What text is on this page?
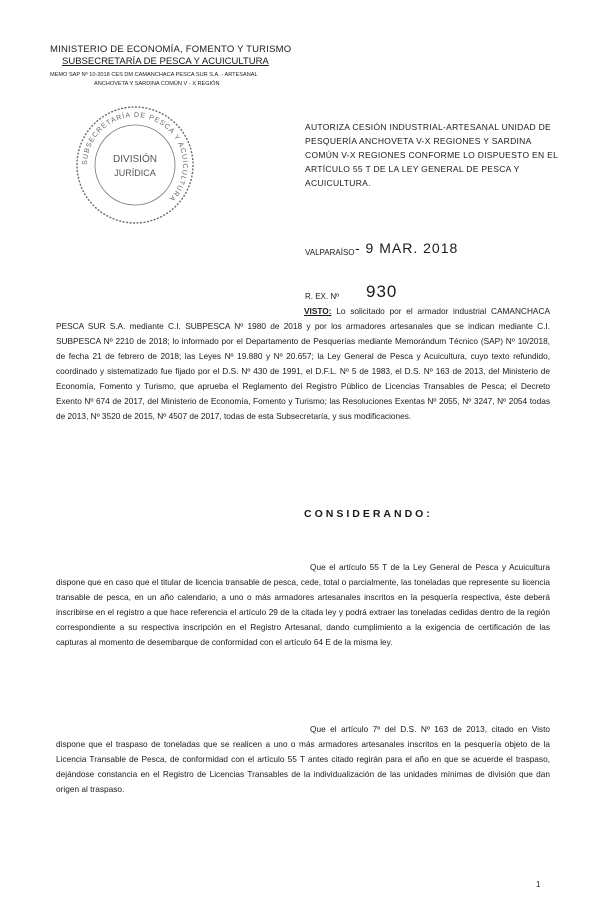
MINISTERIO DE ECONOMÍA, FOMENTO Y TURISMO
SUBSECRETARÍA DE PESCA Y ACUICULTURA
MEMO SAP Nº 10-2018 CES DM CAMANCHACA PESCA SUR S.A. - ARTESANAL
ANCHOVETA Y SARDINA COMÚN V - X REGIÓN
SUBSECRETARÍA DE PESCA Y ACUICULTURA
DIVISIÓN
JURÍDICA
AUTORIZA CESIÓN INDUSTRIAL-ARTESANAL UNIDAD DE PESQUERÍA ANCHOVETA V-X REGIONES Y SARDINA COMÚN V-X REGIONES CONFORME LO DISPUESTO EN EL ARTÍCULO 55 T DE LA LEY GENERAL DE PESCA Y ACUICULTURA.
VALPARAÍSO - 9 MAR. 2018
R. EX. Nº 930
VISTO: Lo solicitado por el armador industrial CAMANCHACA PESCA SUR S.A. mediante C.I. SUBPESCA Nº 1980 de 2018 y por los armadores artesanales que se indican mediante C.I. SUBPESCA Nº 2210 de 2018; lo informado por el Departamento de Pesquerías mediante Memorándum Técnico (SAP) Nº 10/2018, de fecha 21 de febrero de 2018; las Leyes Nº 19.880 y Nº 20.657; la Ley General de Pesca y Acuicultura, cuyo texto refundido, coordinado y sistematizado fue fijado por el D.S. Nº 430 de 1991, el D.F.L. Nº 5 de 1983, el D.S. Nº 163 de 2013, del Ministerio de Economía, Fomento y Turismo, que aprueba el Reglamento del Registro Público de Licencias Transables de Pesca; el Decreto Exento Nº 674 de 2017, del Ministerio de Economía, Fomento y Turismo; las Resoluciones Exentas Nº 2055, Nº 3247, Nº 2054 todas de 2013, Nº 3520 de 2015, Nº 4507 de 2017, todas de esta Subsecretaría, y sus modificaciones.
CONSIDERANDO:
Que el artículo 55 T de la Ley General de Pesca y Acuicultura dispone que en caso que el titular de licencia transable de pesca, cede, total o parcialmente, las toneladas que represente su licencia transable de pesca, en un año calendario, a uno o más armadores artesanales inscritos en la pesquería respectiva, éste deberá inscribirse en el registro a que hace referencia el artículo 29 de la citada ley y podrá extraer las toneladas cedidas dentro de la región correspondiente a su respectiva inscripción en el Registro Artesanal, dando cumplimiento a la exigencia de certificación de las capturas al momento de desembarque de conformidad con el artículo 64 E de la misma ley.
Que el artículo 7º del D.S. Nº 163 de 2013, citado en Visto dispone que el traspaso de toneladas que se realicen a uno o más armadores artesanales inscritos en la pesquería objeto de la Licencia Transable de Pesca, de conformidad con el artículo 55 T antes citado regirán para el año en que se acuerde el traspaso, dejándose constancia en el Registro de Licencias Transables de la individualización de las unidades mínimas de división que dan origen al traspaso.
1
